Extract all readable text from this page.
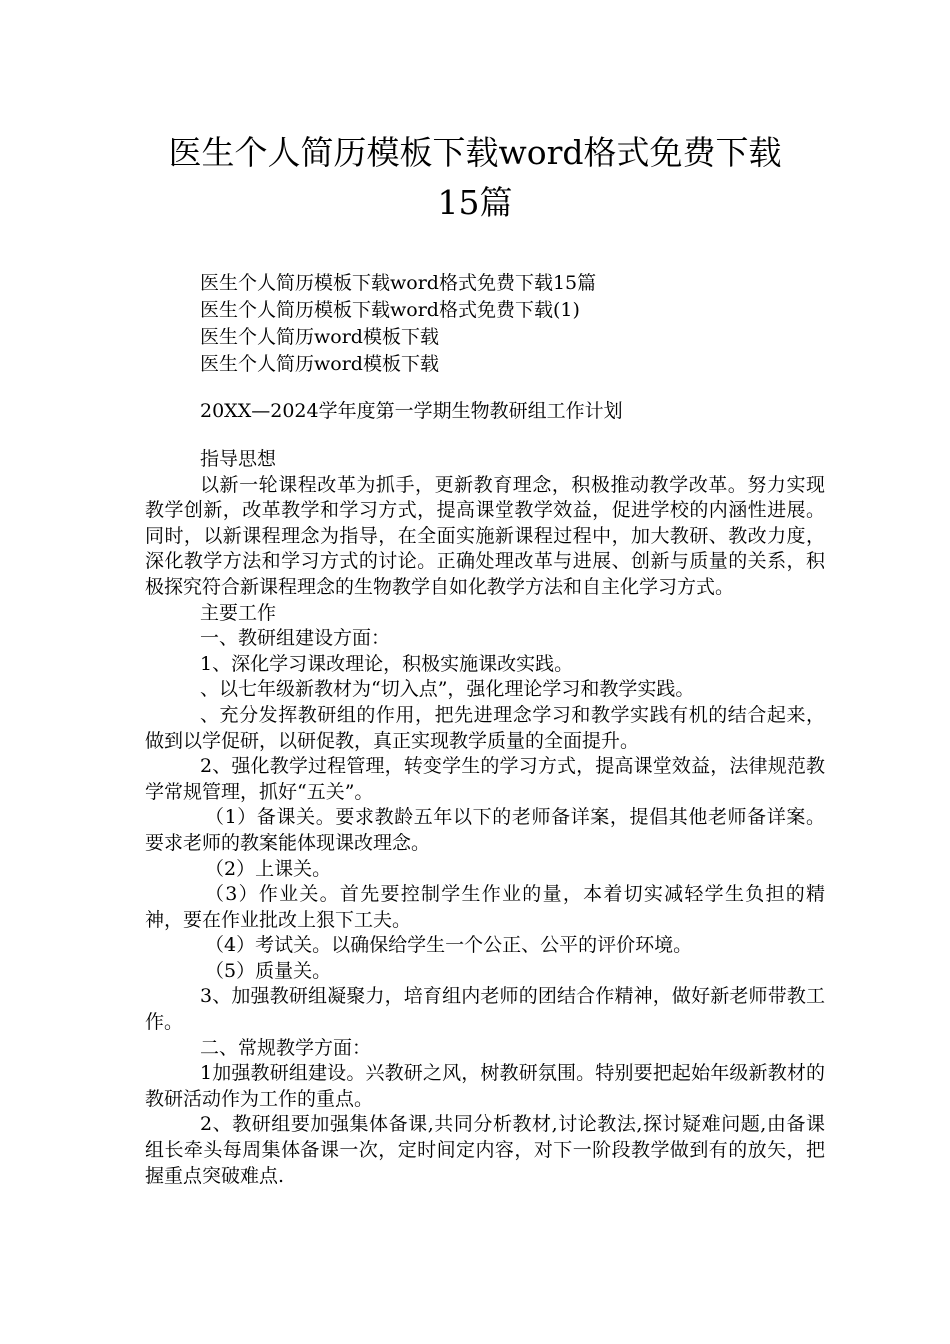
医生个人简历模板下载word格式免费下载
15篇
医生个人简历模板下载word格式免费下载15篇
医生个人简历模板下载word格式免费下载(1)
医生个人简历word模板下载
医生个人简历word模板下载
20XX—2024学年度第一学期生物教研组工作计划

指导思想

以新一轮课程改革为抓手，更新教育理念，积极推动教学改革。努力实现教学创新，改革教学和学习方式，提高课堂教学效益，促进学校的内涵性进展。同时，以新课程理念为指导，在全面实施新课程过程中，加大教研、教改力度，深化教学方法和学习方式的讨论。正确处理改革与进展、创新与质量的关系，积极探究符合新课程理念的生物教学自如化教学方法和自主化学习方式。

主要工作

一、教研组建设方面：

1、深化学习课改理论，积极实施课改实践。

、以七年级新教材为“切入点”，强化理论学习和教学实践。

、充分发挥教研组的作用，把先进理念学习和教学实践有机的结合起来，做到以学促研，以研促教，真正实现教学质量的全面提升。

2、强化教学过程管理，转变学生的学习方式，提高课堂效益，法律规范教学常规管理，抓好“五关”。

（1）备课关。要求教龄五年以下的老师备详案，提倡其他老师备详案。要求老师的教案能体现课改理念。

（2）上课关。

（3）作业关。首先要控制学生作业的量，本着切实减轻学生负担的精神，要在作业批改上狠下工夫。

（4）考试关。以确保给学生一个公正、公平的评价环境。

（5）质量关。

3、加强教研组凝聚力，培育组内老师的团结合作精神，做好新老师带教工作。

二、常规教学方面：

1加强教研组建设。兴教研之风，树教研氛围。特别要把起始年级新教材的教研活动作为工作的重点。

2、教研组要加强集体备课,共同分析教材,讨论教法,探讨疑难问题,由备课组长牵头每周集体备课一次，定时间定内容，对下一阶段教学做到有的放矢，把握重点突破难点.
